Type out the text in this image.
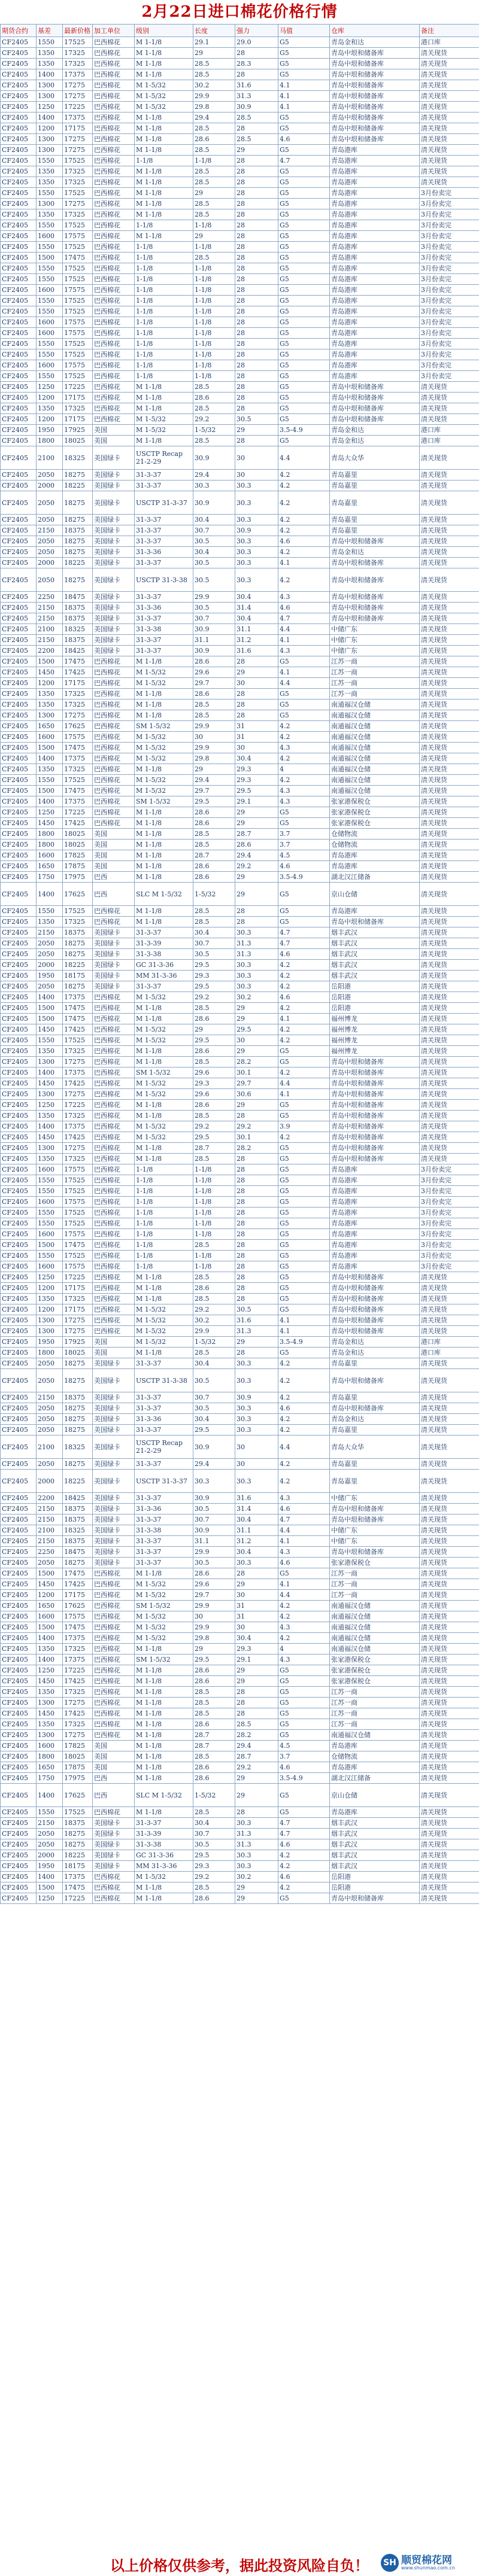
2月22日进口棉花价格行情
期货合约	基差	最新价格	加工单位	级别	长度	强力	马值	仓库	备注
CF2405	1550	17525	巴西棉花	M 1-1/8	29.1	29.0	G5	青岛金和达	港口库
CF2405	1350	17325	巴西棉花	M 1-1/8	29	28	G5	青岛中垠和储备库	清关现货
CF2405	1350	17325	巴西棉花	M 1-1/8	28.5	28.3	G5	青岛中垠和储备库	清关现货
CF2405	1400	17375	巴西棉花	M 1-1/8	28.5	28	G5	青岛中垠和储备库	清关现货
CF2405	1300	17275	巴西棉花	M 1-5/32	30.2	31.6	4.1	青岛中垠和储备库	清关现货
CF2405	1300	17275	巴西棉花	M 1-5/32	29.9	31.3	4.1	青岛中垠和储备库	清关现货
CF2405	1250	17225	巴西棉花	M 1-5/32	29.8	30.9	4.1	青岛中垠和储备库	清关现货
CF2405	1400	17375	巴西棉花	M 1-1/8	29.4	28.5	G5	青岛中垠和储备库	清关现货
CF2405	1200	17175	巴西棉花	M 1-1/8	28.5	28	G5	青岛中垠和储备库	清关现货
CF2405	1300	17275	巴西棉花	M 1-1/8	28.6	28.5	4.6	青岛中垠和储备库	清关现货
CF2405	1300	17275	巴西棉花	M 1-1/8	28.5	29	G5	青岛港库	清关现货
CF2405	1550	17525	巴西棉花	1-1/8	1-1/8	28	4.7	青岛港库	清关现货
CF2405	1350	17325	巴西棉花	M 1-1/8	28.5	28	G5	青岛港库	清关现货
CF2405	1350	17325	巴西棉花	M 1-1/8	28.5	28	G5	青岛港库	清关现货
CF2405	1550	17525	巴西棉花	M 1-1/8	29	28	G5	青岛港库	3月份卖完
CF2405	1300	17275	巴西棉花	M 1-1/8	28.5	28	G5	青岛港库	3月份卖完
CF2405	1350	17325	巴西棉花	M 1-1/8	28.5	28	G5	青岛港库	3月份卖完
CF2405	1550	17525	巴西棉花	1-1/8	1-1/8	28	G5	青岛港库	3月份卖完
CF2405	1600	17575	巴西棉花	M 1-1/8	29	28	G5	青岛港库	3月份卖完
CF2405	1550	17525	巴西棉花	1-1/8	1-1/8	28	G5	青岛港库	3月份卖完
CF2405	1500	17475	巴西棉花	1-1/8	28.5	28	G5	青岛港库	3月份卖完
CF2405	1550	17525	巴西棉花	1-1/8	1-1/8	28	G5	青岛港库	3月份卖完
CF2405	1550	17525	巴西棉花	1-1/8	1-1/8	28	G5	青岛港库	3月份卖完
CF2405	1600	17575	巴西棉花	1-1/8	1-1/8	28	G5	青岛港库	3月份卖完
CF2405	1550	17525	巴西棉花	1-1/8	1-1/8	28	G5	青岛港库	3月份卖完
CF2405	1550	17525	巴西棉花	1-1/8	1-1/8	28	G5	青岛港库	3月份卖完
CF2405	1600	17575	巴西棉花	1-1/8	1-1/8	28	G5	青岛港库	3月份卖完
CF2405	1600	17575	巴西棉花	1-1/8	1-1/8	28	G5	青岛港库	3月份卖完
CF2405	1550	17525	巴西棉花	1-1/8	1-1/8	28	G5	青岛港库	3月份卖完
CF2405	1550	17525	巴西棉花	1-1/8	1-1/8	28	G5	青岛港库	3月份卖完
CF2405	1600	17575	巴西棉花	1-1/8	1-1/8	28	G5	青岛港库	3月份卖完
CF2405	1550	17525	巴西棉花	1-1/8	1-1/8	28	G5	青岛港库	3月份卖完
CF2405	1250	17225	巴西棉花	M 1-1/8	28.5	28	G5	青岛中垠和储备库	清关现货
CF2405	1200	17175	巴西棉花	M 1-1/8	28.6	28	G5	青岛中垠和储备库	清关现货
CF2405	1350	17325	巴西棉花	M 1-1/8	28.5	28	G5	青岛中垠和储备库	清关现货
CF2405	1200	17175	巴西棉花	M 1-5/32	29.2	30.5	G5	青岛中垠和储备库	清关现货
CF2405	1950	17925	美国	M 1-5/32	1-5/32	29	3.5-4.9	青岛金和达	港口库
CF2405	1800	18025	美国	M 1-1/8	28.5	28	G5	青岛金和达	港口库
CF2405	2100	18325	美国绿卡	USCTP Recap 21-2-29	30.9	30	4.4	青岛大众华	清关现货
CF2405	2050	18275	美国绿卡	31-3-37	29.4	30	4.2	青岛嘉里	清关现货
CF2405	2000	18225	美国绿卡	31-3-37	30.3	30.3	4.2	青岛嘉里	清关现货
CF2405	2050	18275	美国绿卡	USCTP 31-3-37	30.9	30.3	4.2	青岛嘉里	清关现货
CF2405	2050	18275	美国绿卡	31-3-37	30.4	30.3	4.2	青岛嘉里	清关现货
CF2405	2150	18375	美国绿卡	31-3-37	30.7	30.9	4.2	青岛嘉里	清关现货
CF2405	2050	18275	美国绿卡	31-3-37	30.5	30.3	4.6	青岛中垠和储备库	清关现货
CF2405	2050	18275	美国绿卡	31-3-36	30.4	30.3	4.2	青岛金和达	清关现货
CF2405	2000	18225	美国绿卡	31-3-37	30.5	30.3	4.1	青岛中垠和储备库	清关现货
CF2405	2050	18275	美国绿卡	USCTP 31-3-38	30.5	30.3	4.2	青岛中垠和储备库	清关现货
CF2405	2250	18475	美国绿卡	31-3-37	29.9	30.4	4.3	青岛中垠和储备库	清关现货
CF2405	2150	18375	美国绿卡	31-3-36	30.5	31.4	4.6	青岛中垠和储备库	清关现货
CF2405	2150	18375	美国绿卡	31-3-37	30.7	30.4	4.7	青岛中垠和储备库	清关现货
CF2405	2100	18325	美国绿卡	31-3-38	30.9	31.1	4.4	中储广东	清关现货
CF2405	2150	18375	美国绿卡	31-3-37	31.1	31.2	4.1	中储广东	清关现货
CF2405	2200	18425	美国绿卡	31-3-37	30.9	31.6	4.3	中储广东	清关现货
CF2405	1500	17475	巴西棉花	M 1-1/8	28.6	28	G5	江苏一商	清关现货
CF2405	1450	17425	巴西棉花	M 1-5/32	29.6	29	4.1	江苏一商	清关现货
CF2405	1200	17175	巴西棉花	M 1-5/32	29.7	30	4.4	江苏一商	清关现货
CF2405	1350	17325	巴西棉花	M 1-1/8	28.6	28	G5	江苏一商	清关现货
CF2405	1350	17325	巴西棉花	M 1-1/8	28.5	28	G5	南通福汉仓储	清关现货
CF2405	1300	17275	巴西棉花	M 1-1/8	28.5	28	G5	南通福汉仓储	清关现货
CF2405	1650	17625	巴西棉花	SM 1-5/32	29.9	31	4.2	南通福汉仓储	清关现货
CF2405	1600	17575	巴西棉花	M 1-5/32	30	31	4.2	南通福汉仓储	清关现货
CF2405	1500	17475	巴西棉花	M 1-5/32	29.9	30	4.3	南通福汉仓储	清关现货
CF2405	1400	17375	巴西棉花	M 1-5/32	29.8	30.4	4.2	南通福汉仓储	清关现货
CF2405	1350	17325	巴西棉花	M 1-1/8	29	29.3	4	南通福汉仓储	清关现货
CF2405	1550	17525	巴西棉花	M 1-5/32	29.4	29.3	4.2	南通福汉仓储	清关现货
CF2405	1500	17475	巴西棉花	M 1-5/32	29.7	29.5	4.3	南通福汉仓储	清关现货
CF2405	1400	17375	巴西棉花	SM 1-5/32	29.5	29.1	4.3	张家港保税仓	清关现货
CF2405	1250	17225	巴西棉花	M 1-1/8	28.6	29	G5	张家港保税仓	清关现货
CF2405	1450	17425	巴西棉花	M 1-1/8	28.6	29	G5	张家港保税仓	清关现货
CF2405	1800	18025	美国	M 1-1/8	28.5	28.7	3.7	仓储物流	清关现货
CF2405	1800	18025	美国	M 1-1/8	28.5	28.6	3.7	仓储物流	清关现货
CF2405	1600	17825	美国	M 1-1/8	28.7	29.4	4.5	青岛港库	清关现货
CF2405	1650	17875	美国	M 1-1/8	28.6	29.2	4.6	青岛港库	清关现货
CF2405	1750	17975	巴西	M 1-1/8	28.6	29	3.5-4.9	湖北汉江储备	清关现货
CF2405	1400	17625	巴西	SLC M 1-5/32	1-5/32	29	G5	京山仓储	清关现货
CF2405	1550	17525	巴西棉花	M 1-1/8	28.5	28	G5	青岛港库	清关现货
CF2405	1350	17325	巴西棉花	M 1-1/8	28.5	28	G5	青岛中垠和储备库	清关现货
CF2405	2150	18375	美国绿卡	31-3-37	30.4	30.3	4.7	烟丰武汉	清关现货
CF2405	2050	18275	美国绿卡	31-3-39	30.7	31.3	4.7	烟丰武汉	清关现货
CF2405	2050	18275	美国绿卡	31-3-38	30.5	31.3	4.6	烟丰武汉	清关现货
CF2405	2000	18225	美国绿卡	GC 31-3-36	29.5	30.3	4.2	烟丰武汉	清关现货
CF2405	1950	18175	美国绿卡	MM 31-3-36	29.3	30.3	4.2	烟丰武汉	清关现货
CF2405	2050	18275	美国绿卡	31-3-37	29.5	30.3	4.2	岳阳港	清关现货
CF2405	1400	17375	巴西棉花	M 1-5/32	29.2	30.2	4.6	岳阳港	清关现货
CF2405	1500	17475	巴西棉花	M 1-1/8	28.5	29	4.2	岳阳港	清关现货
CF2405	1500	17475	巴西棉花	M 1-1/8	28.6	29	4.1	福州博龙	清关现货
CF2405	1450	17425	巴西棉花	M 1-5/32	29	29.5	4.2	福州博龙	清关现货
CF2405	1550	17525	巴西棉花	M 1-5/32	29.5	30	4.2	福州博龙	清关现货
CF2405	1350	17325	巴西棉花	M 1-1/8	28.6	29	G5	福州博龙	清关现货
CF2405	1300	17275	巴西棉花	M 1-1/8	28.5	28.2	G5	青岛中垠和储备库	清关现货
CF2405	1400	17375	巴西棉花	SM 1-5/32	29.6	30.1	4.2	青岛中垠和储备库	清关现货
CF2405	1450	17425	巴西棉花	M 1-5/32	29.3	29.7	4.4	青岛中垠和储备库	清关现货
CF2405	1300	17275	巴西棉花	M 1-5/32	29.6	30.6	4.1	青岛中垠和储备库	清关现货
CF2405	1250	17225	巴西棉花	M 1-1/8	28.6	29	G5	青岛中垠和储备库	清关现货
CF2405	1350	17325	巴西棉花	M 1-1/8	28.5	28	G5	青岛中垠和储备库	清关现货
CF2405	1400	17375	巴西棉花	M 1-5/32	29.2	29.2	3.9	青岛中垠和储备库	清关现货
CF2405	1450	17425	巴西棉花	M 1-5/32	29.5	30.1	4.2	青岛中垠和储备库	清关现货
CF2405	1300	17275	巴西棉花	M 1-1/8	28.7	28.2	G5	青岛中垠和储备库	清关现货
CF2405	1350	17325	巴西棉花	M 1-1/8	28.5	28	G5	青岛中垠和储备库	清关现货
CF2405	1600	17575	巴西棉花	1-1/8	1-1/8	28	G5	青岛港库	3月份卖完
CF2405	1550	17525	巴西棉花	1-1/8	1-1/8	28	G5	青岛港库	3月份卖完
CF2405	1550	17525	巴西棉花	1-1/8	1-1/8	28	G5	青岛港库	3月份卖完
CF2405	1600	17575	巴西棉花	1-1/8	1-1/8	28	G5	青岛港库	3月份卖完
CF2405	1550	17525	巴西棉花	1-1/8	1-1/8	28	G5	青岛港库	3月份卖完
CF2405	1550	17525	巴西棉花	1-1/8	1-1/8	28	G5	青岛港库	3月份卖完
CF2405	1600	17575	巴西棉花	1-1/8	1-1/8	28	G5	青岛港库	3月份卖完
CF2405	1500	17475	巴西棉花	1-1/8	28.5	28	G5	青岛港库	3月份卖完
CF2405	1550	17525	巴西棉花	1-1/8	1-1/8	28	G5	青岛港库	3月份卖完
CF2405	1600	17575	巴西棉花	1-1/8	1-1/8	28	G5	青岛港库	3月份卖完
CF2405	1250	17225	巴西棉花	M 1-1/8	28.5	28	G5	青岛中垠和储备库	清关现货
CF2405	1200	17175	巴西棉花	M 1-1/8	28.6	28	G5	青岛中垠和储备库	清关现货
CF2405	1350	17325	巴西棉花	M 1-1/8	28.5	28	G5	青岛中垠和储备库	清关现货
CF2405	1200	17175	巴西棉花	M 1-5/32	29.2	30.5	G5	青岛中垠和储备库	清关现货
CF2405	1300	17275	巴西棉花	M 1-5/32	30.2	31.6	4.1	青岛中垠和储备库	清关现货
CF2405	1300	17275	巴西棉花	M 1-5/32	29.9	31.3	4.1	青岛中垠和储备库	清关现货
CF2405	1950	17925	美国	M 1-5/32	1-5/32	29	3.5-4.9	青岛金和达	港口库
CF2405	1800	18025	美国	M 1-1/8	28.5	28	G5	青岛金和达	港口库
CF2405	2050	18275	美国绿卡	31-3-37	30.4	30.3	4.2	青岛嘉里	清关现货
CF2405	2050	18275	美国绿卡	USCTP 31-3-38	30.5	30.3	4.2	青岛中垠和储备库	清关现货
CF2405	2150	18375	美国绿卡	31-3-37	30.7	30.9	4.2	青岛嘉里	清关现货
CF2405	2050	18275	美国绿卡	31-3-37	30.5	30.3	4.6	青岛中垠和储备库	清关现货
CF2405	2050	18275	美国绿卡	31-3-36	30.4	30.3	4.2	青岛金和达	清关现货
CF2405	2050	18275	美国绿卡	31-3-37	29.5	30.3	4.2	青岛嘉里	清关现货
CF2405	2100	18325	美国绿卡	USCTP Recap 21-2-29	30.9	30	4.4	青岛大众华	清关现货
CF2405	2050	18275	美国绿卡	31-3-37	29.4	30	4.2	青岛嘉里	清关现货
CF2405	2000	18225	美国绿卡	USCTP 31-3-37	30.3	30.3	4.2	青岛嘉里	清关现货
CF2405	2200	18425	美国绿卡	31-3-37	30.9	31.6	4.3	中储广东	清关现货
CF2405	2150	18375	美国绿卡	31-3-36	30.5	31.4	4.6	青岛中垠和储备库	清关现货
CF2405	2150	18375	美国绿卡	31-3-37	30.7	30.4	4.7	青岛中垠和储备库	清关现货
CF2405	2100	18325	美国绿卡	31-3-38	30.9	31.1	4.4	中储广东	清关现货
CF2405	2150	18375	美国绿卡	31-3-37	31.1	31.2	4.1	中储广东	清关现货
CF2405	2250	18475	美国绿卡	31-3-37	29.9	30.4	4.3	青岛中垠和储备库	清关现货
CF2405	2050	18275	美国绿卡	31-3-37	30.5	30.3	4.6	张家港保税仓	清关现货
CF2405	1500	17475	巴西棉花	M 1-1/8	28.6	28	G5	江苏一商	清关现货
CF2405	1450	17425	巴西棉花	M 1-5/32	29.6	29	4.1	江苏一商	清关现货
CF2405	1200	17175	巴西棉花	M 1-5/32	29.7	30	4.4	江苏一商	清关现货
CF2405	1650	17625	巴西棉花	SM 1-5/32	29.9	31	4.2	南通福汉仓储	清关现货
CF2405	1600	17575	巴西棉花	M 1-5/32	30	31	4.2	南通福汉仓储	清关现货
CF2405	1500	17475	巴西棉花	M 1-5/32	29.9	30	4.3	南通福汉仓储	清关现货
CF2405	1400	17375	巴西棉花	M 1-5/32	29.8	30.4	4.2	南通福汉仓储	清关现货
CF2405	1350	17325	巴西棉花	M 1-1/8	29	29.3	4	南通福汉仓储	清关现货
CF2405	1400	17375	巴西棉花	SM 1-5/32	29.5	29.1	4.3	张家港保税仓	清关现货
CF2405	1250	17225	巴西棉花	M 1-1/8	28.6	29	G5	张家港保税仓	清关现货
CF2405	1450	17425	巴西棉花	M 1-1/8	28.6	29	G5	张家港保税仓	清关现货
CF2405	1350	17325	巴西棉花	M 1-1/8	28.5	28	G5	江苏一商	清关现货
CF2405	1300	17275	巴西棉花	M 1-1/8	28.5	28	G5	江苏一商	清关现货
CF2405	1450	17425	巴西棉花	M 1-1/8	28.5	28	G5	江苏一商	清关现货
CF2405	1350	17325	巴西棉花	M 1-1/8	28.6	28.5	G5	江苏一商	清关现货
CF2405	1300	17275	巴西棉花	M 1-1/8	28.7	28.2	G5	南通福汉仓储	清关现货
CF2405	1600	17825	美国	M 1-1/8	28.7	29.4	4.5	青岛港库	清关现货
CF2405	1800	18025	美国	M 1-1/8	28.5	28.7	3.7	仓储物流	清关现货
CF2405	1650	17875	美国	M 1-1/8	28.6	29.2	4.6	青岛港库	清关现货
CF2405	1750	17975	巴西	M 1-1/8	28.6	29	3.5-4.9	湖北汉江储备	清关现货
CF2405	1400	17625	巴西	SLC M 1-5/32	1-5/32	29	G5	京山仓储	清关现货
CF2405	1550	17525	巴西棉花	M 1-1/8	28.5	28	G5	青岛港库	清关现货
CF2405	2150	18375	美国绿卡	31-3-37	30.4	30.3	4.7	烟丰武汉	清关现货
CF2405	2050	18275	美国绿卡	31-3-39	30.7	31.3	4.7	烟丰武汉	清关现货
CF2405	2050	18275	美国绿卡	31-3-38	30.5	31.3	4.6	烟丰武汉	清关现货
CF2405	2000	18225	美国绿卡	GC 31-3-36	29.5	30.3	4.2	烟丰武汉	清关现货
CF2405	1950	18175	美国绿卡	MM 31-3-36	29.3	30.3	4.2	烟丰武汉	清关现货
CF2405	1400	17375	巴西棉花	M 1-5/32	29.2	30.2	4.6	岳阳港	清关现货
CF2405	1500	17475	巴西棉花	M 1-1/8	28.5	29	4.2	岳阳港	清关现货
CF2405	1250	17225	巴西棉花	M 1-1/8	28.6	29	G5	青岛中垠和储备库	清关现货
以上价格仅供参考，据此投资风险自负！	SH 顺贸棉花网
www.shunmao.com.cn
